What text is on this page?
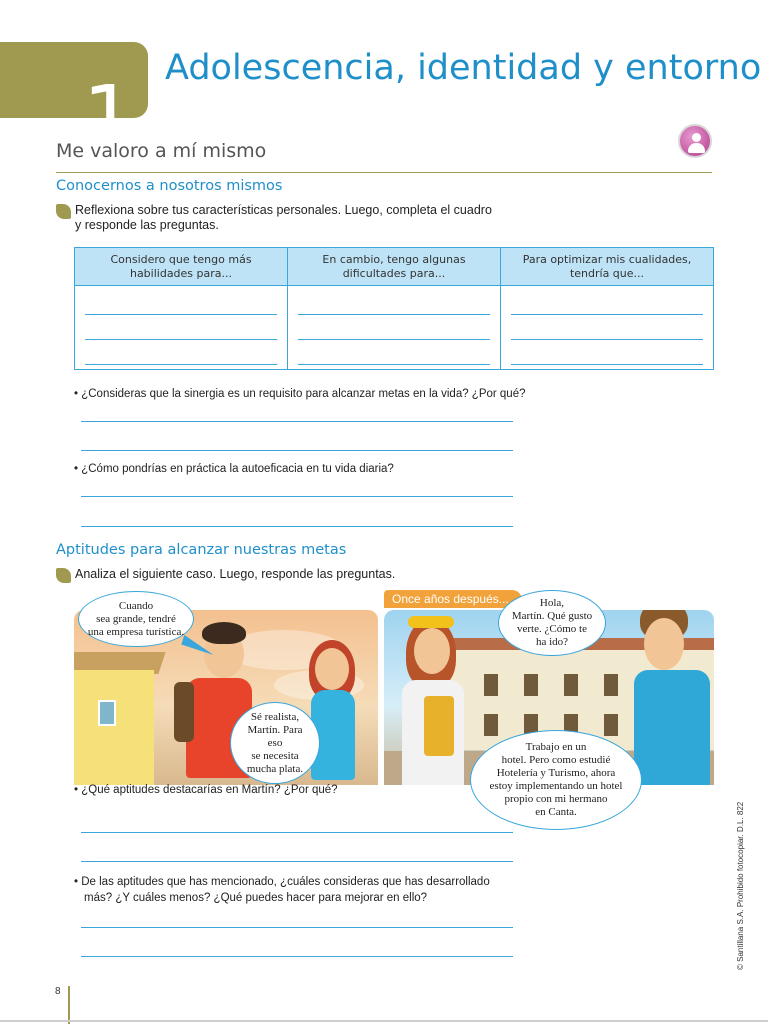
1
Adolescencia, identidad y entorno
Me valoro a mí mismo
Conocernos a nosotros mismos
Reflexiona sobre tus características personales. Luego, completa el cuadro
y responde las preguntas.
Considero que tengo más
habilidades para...
En cambio, tengo algunas
dificultades para...
Para optimizar mis cualidades,
tendría que...
• ¿Consideras que la sinergia es un requisito para alcanzar metas en la vida? ¿Por qué?
• ¿Cómo pondrías en práctica la autoeficacia en tu vida diaria?
Aptitudes para alcanzar nuestras metas
Analiza el siguiente caso. Luego, responde las preguntas.
Once años después...
Cuando
sea grande, tendré
una empresa turística.
Sé realista,
Martín. Para eso
se necesita
mucha plata.
Hola,
Martín. Qué gusto
verte. ¿Cómo te
ha ido?
Trabajo en un
hotel. Pero como estudié
Hotelería y Turismo, ahora
estoy implementando un hotel
propio con mi hermano
en Canta.
• ¿Qué aptitudes destacarías en Martín? ¿Por qué?
• De las aptitudes que has mencionado, ¿cuáles consideras que has desarrollado
más? ¿Y cuáles menos? ¿Qué puedes hacer para mejorar en ello?	© Santillana S.A. Prohibido fotocopiar. D.L. 822
8
